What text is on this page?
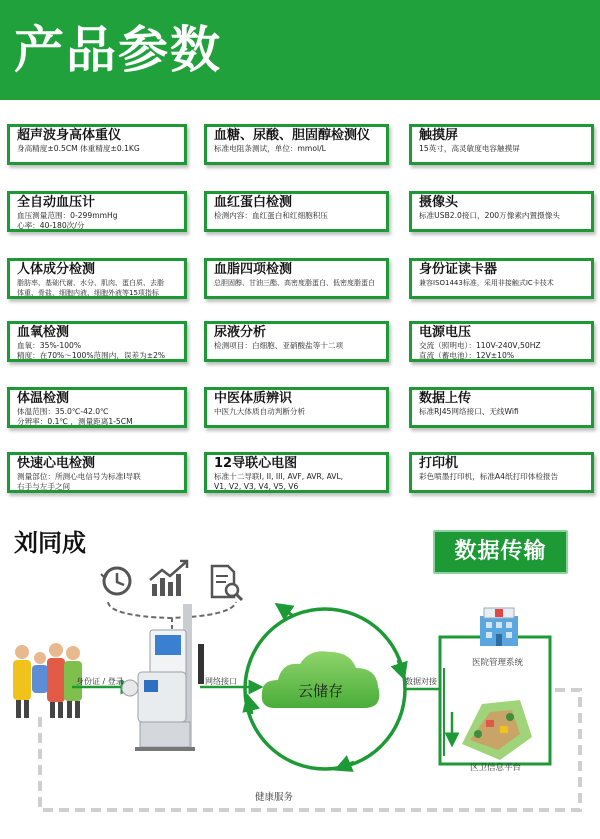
产品参数
超声波身高体重仪
身高精度±0.5CM 体重精度±0.1KG
血糖、尿酸、胆固醇检测仪
标准电阻条测试，单位：mmol/L
触摸屏
15英寸，高灵敏度电容触摸屏
全自动血压计
血压测量范围：0-299mmHg
心率：40-180次/分
血红蛋白检测
检测内容：血红蛋白和红细胞积压
摄像头
标准USB2.0接口，200万像素内置摄像头
人体成分检测
脂肪率、基础代谢、水分、肌肉、蛋白质、去脂
体重、骨盐、细胞内液、细胞外液等15项指标
血脂四项检测
总胆固醇、甘油三酯、高密度脂蛋白、低密度脂蛋白
身份证读卡器
兼容ISO1443标准，采用非接触式IC卡技术
血氧检测
血氧：35%-100%
精度：在70%～100%范围内，误差为±2%
尿液分析
检测项目：白细胞、亚硝酸盐等十二项
电源电压
交流（照明电）：110V-240V,50HZ
直流（蓄电池）：12V±10%
体温检测
体温范围：35.0℃-42.0℃
分辨率：0.1℃ ，测量距离1-5CM
中医体质辨识
中医九大体质自动判断分析
数据上传
标准RJ45网络接口、无线Wifi
快速心电检测
测量部位：所测心电信号为标准I导联
右手与左手之间
12导联心电图
标准十二导联I, II, III, AVF, AVR, AVL,
V1, V2, V3, V4, V5, V6
打印机
彩色喷墨打印机，标准A4纸打印体检报告
刘同成	数据传输
身份证 / 登录	网络接口
云储存
数据对接
医院管理系统
区卫信息平台
健康服务
